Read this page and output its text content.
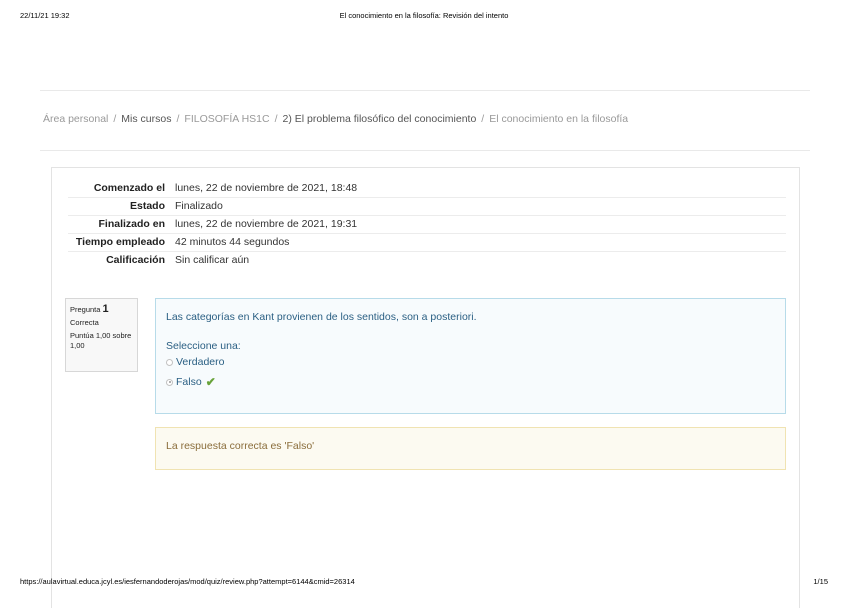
22/11/21 19:32	El conocimiento en la filosofía: Revisión del intento
Área personal / Mis cursos / FILOSOFÍA HS1C / 2) El problema filosófico del conocimiento / El conocimiento en la filosofía
Comenzado el	lunes, 22 de noviembre de 2021, 18:48
Estado	Finalizado
Finalizado en	lunes, 22 de noviembre de 2021, 19:31
Tiempo empleado	42 minutos 44 segundos
Calificación	Sin calificar aún
Pregunta 1
Correcta
Puntúa 1,00 sobre 1,00

Las categorías en Kant provienen de los sentidos, son a posteriori.

Seleccione una:
Verdadero
Falso ✔
La respuesta correcta es 'Falso'
https://aulavirtual.educa.jcyl.es/iesfernandoderojas/mod/quiz/review.php?attempt=6144&cmid=26314	1/15
